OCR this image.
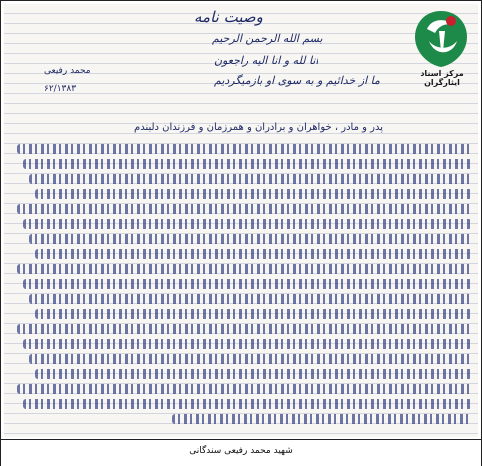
وصیت نامه
بسم الله الرحمن الرحیم
انا لله و انا الیه راجعون
ما از خدائیم و به سوی او بازمیگردیم
محمد رفیعی
۶۲/۱۳۸۳
پدر و مادر ، خواهران و برادران و همرزمان و فرزندان دلبندم
مرکز اسناد ایثارگران
شهید محمد رفیعی سندگانی
